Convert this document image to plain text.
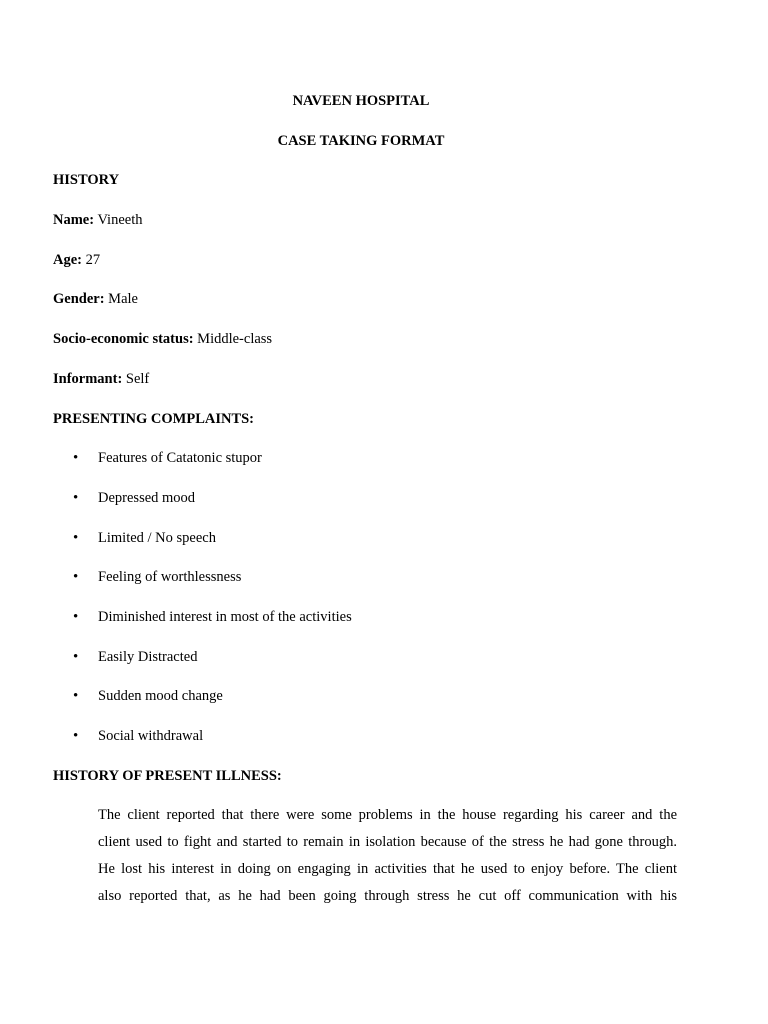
NAVEEN HOSPITAL
CASE TAKING FORMAT
HISTORY
Name: Vineeth
Age: 27
Gender: Male
Socio-economic status: Middle-class
Informant: Self
PRESENTING COMPLAINTS:
• Features of Catatonic stupor
• Depressed mood
• Limited / No speech
• Feeling of worthlessness
• Diminished interest in most of the activities
• Easily Distracted
• Sudden mood change
• Social withdrawal
HISTORY OF PRESENT ILLNESS:
The client reported that there were some problems in the house regarding his career and the
client used to fight and started to remain in isolation because of the stress he had gone through.
He lost his interest in doing on engaging in activities that he used to enjoy before. The client
also reported that, as he had been going through stress he cut off communication with his
